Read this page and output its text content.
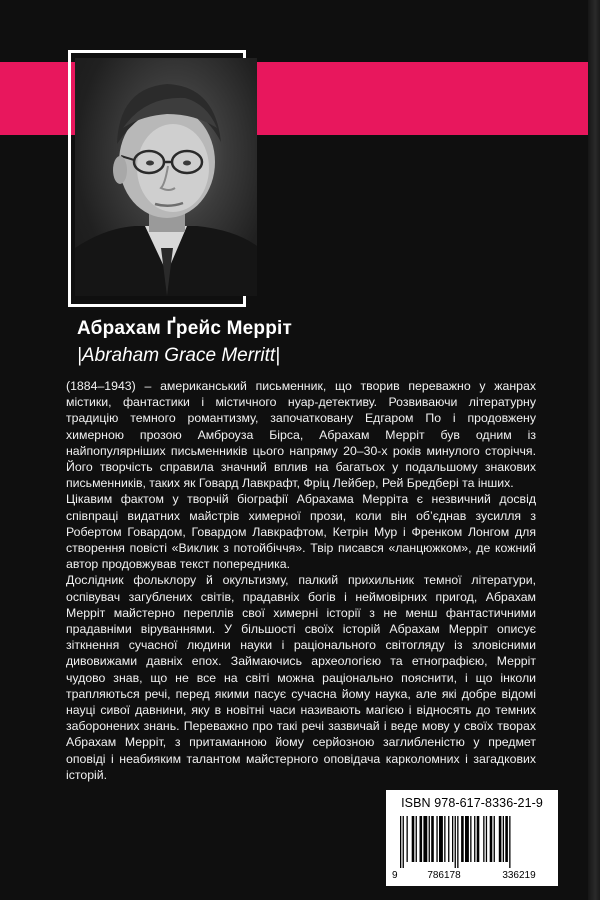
Абрахам Ґрейс Мерріт
|Abraham Grace Merritt|

(1884–1943) – американський письменник, що творив переважно у жанрах містики, фантастики і містичного нуар-детективу. Розвиваючи літературну традицію темного романтизму, започатковану Едгаром По і продовжену химерною прозою Амброуза Бірса, Абрахам Мерріт був одним із найпопулярніших письменників цього напряму 20–30-х років минулого сторіччя. Його творчість справила значний вплив на багатьох у подальшому знакових письменників, таких як Говард Лавкрафт, Фріц Лейбер, Рей Бредбері та інших.

Цікавим фактом у творчій біографії Абрахама Мерріта є незвичний досвід співпраці видатних майстрів химерної прози, коли він об’єднав зусилля з Робертом Говардом, Говардом Лавкрафтом, Кетрін Мур і Френком Лонгом для створення повісті «Виклик з потойбіччя». Твір писався «ланцюжком», де кожний автор продовжував текст попередника.

Дослідник фольклору й окультизму, палкий прихильник темної літератури, оспівувач загублених світів, прадавніх богів і неймовірних пригод, Абрахам Мерріт майстерно переплів свої химерні історії з не менш фантастичними прадавніми віруваннями. У більшості своїх історій Абрахам Мерріт описує зіткнення сучасної людини науки і раціонального світогляду із зловісними дивовижами давніх епох. Займаючись археологією та етнографією, Мерріт чудово знав, що не все на світі можна раціонально пояснити, і що інколи трапляються речі, перед якими пасує сучасна йому наука, але які добре відомі науці сивої давнини, яку в новітні часи називають магією і відносять до темних заборонених знань. Переважно про такі речі зазвичай і веде мову у своїх творах Абрахам Мерріт, з притаманною йому серйозною заглибленістю у предмет оповіді і неабияким талантом майстерного оповідача карколомних і загадкових історій.

ISBN 978-617-8336-21-9
9	786178	336219
